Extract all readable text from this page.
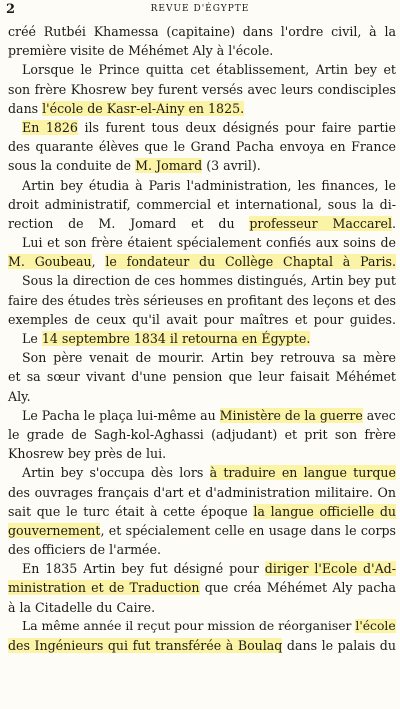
2	REVUE D'ÉGYPTE
créé Rutbéi Khamessa (capitaine) dans l'ordre civil, à la
première visite de Méhémet Aly à l'école.
Lorsque le Prince quitta cet établissement, Artin bey et
son frère Khosrew bey furent versés avec leurs condisciples
dans l'école de Kasr-el-Ainy en 1825.
En 1826 ils furent tous deux désignés pour faire partie
des quarante élèves que le Grand Pacha envoya en France
sous la conduite de M. Jomard (3 avril).
Artin bey étudia à Paris l'administration, les finances, le
droit administratif, commercial et international, sous la di-
rection de M. Jomard et du professeur Maccarel.
Lui et son frère étaient spécialement confiés aux soins de
M. Goubeau, le fondateur du Collège Chaptal à Paris.
Sous la direction de ces hommes distingués, Artin bey put
faire des études très sérieuses en profitant des leçons et des
exemples de ceux qu'il avait pour maîtres et pour guides.
Le 14 septembre 1834 il retourna en Égypte.
Son père venait de mourir. Artin bey retrouva sa mère
et sa sœur vivant d'une pension que leur faisait Méhémet
Aly.
Le Pacha le plaça lui-même au Ministère de la guerre avec
le grade de Sagh-kol-Aghassi (adjudant) et prit son frère
Khosrew bey près de lui.
Artin bey s'occupa dès lors à traduire en langue turque
des ouvrages français d'art et d'administration militaire. On
sait que le turc était à cette époque la langue officielle du
gouvernement, et spécialement celle en usage dans le corps
des officiers de l'armée.
En 1835 Artin bey fut désigné pour diriger l'Ecole d'Ad-
ministration et de Traduction que créa Méhémet Aly pacha
à la Citadelle du Caire.
La même année il reçut pour mission de réorganiser l'école
des Ingénieurs qui fut transférée à Boulaq dans le palais du
